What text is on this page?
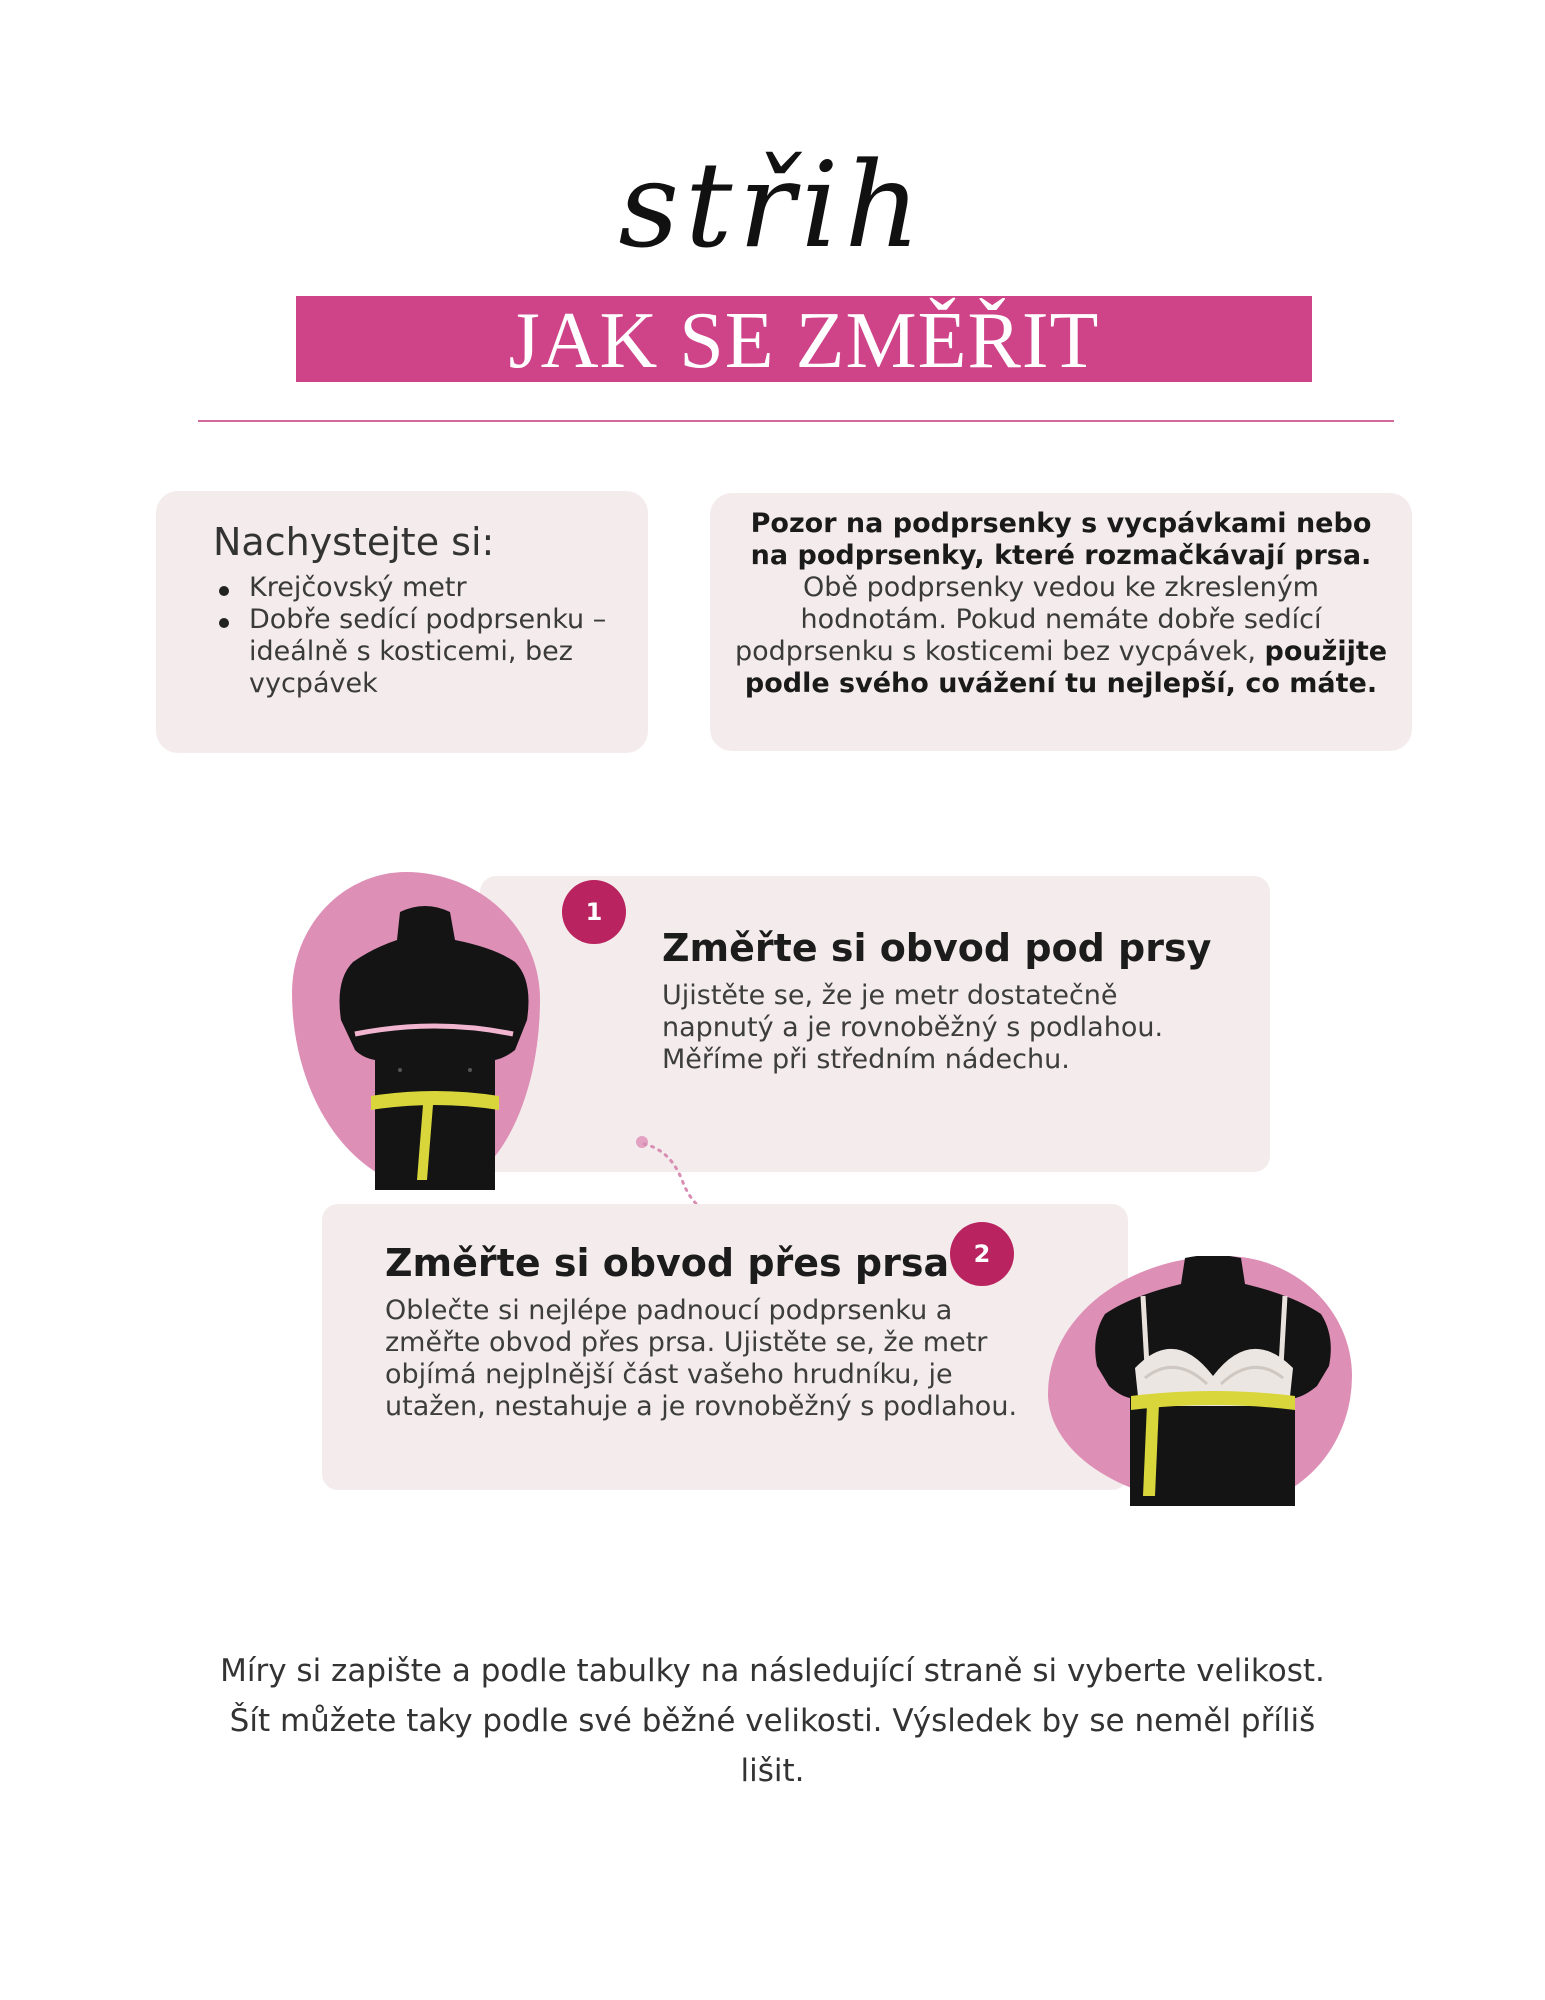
střih
JAK SE ZMĚŘIT
Nachystejte si:
Krejčovský metr
Dobře sedící podprsenku – ideálně s kosticemi, bez vycpávek
Pozor na podprsenky s vycpávkami nebo na podprsenky, které rozmačkávají prsa. Obě podprsenky vedou ke zkresleným hodnotám. Pokud nemáte dobře sedící podprsenku s kosticemi bez vycpávek, použijte podle svého uvážení tu nejlepší, co máte.
1
Změřte si obvod pod prsy
Ujistěte se, že je metr dostatečně napnutý a je rovnoběžný s podlahou. Měříme při středním nádechu.
2
Změřte si obvod přes prsa
Oblečte si nejlépe padnoucí podprsenku a změřte obvod přes prsa. Ujistěte se, že metr objímá nejplnější část vašeho hrudníku, je utažen, nestahuje a je rovnoběžný s podlahou.
Míry si zapište a podle tabulky na následující straně si vyberte velikost. Šít můžete taky podle své běžné velikosti. Výsledek by se neměl příliš lišit.
